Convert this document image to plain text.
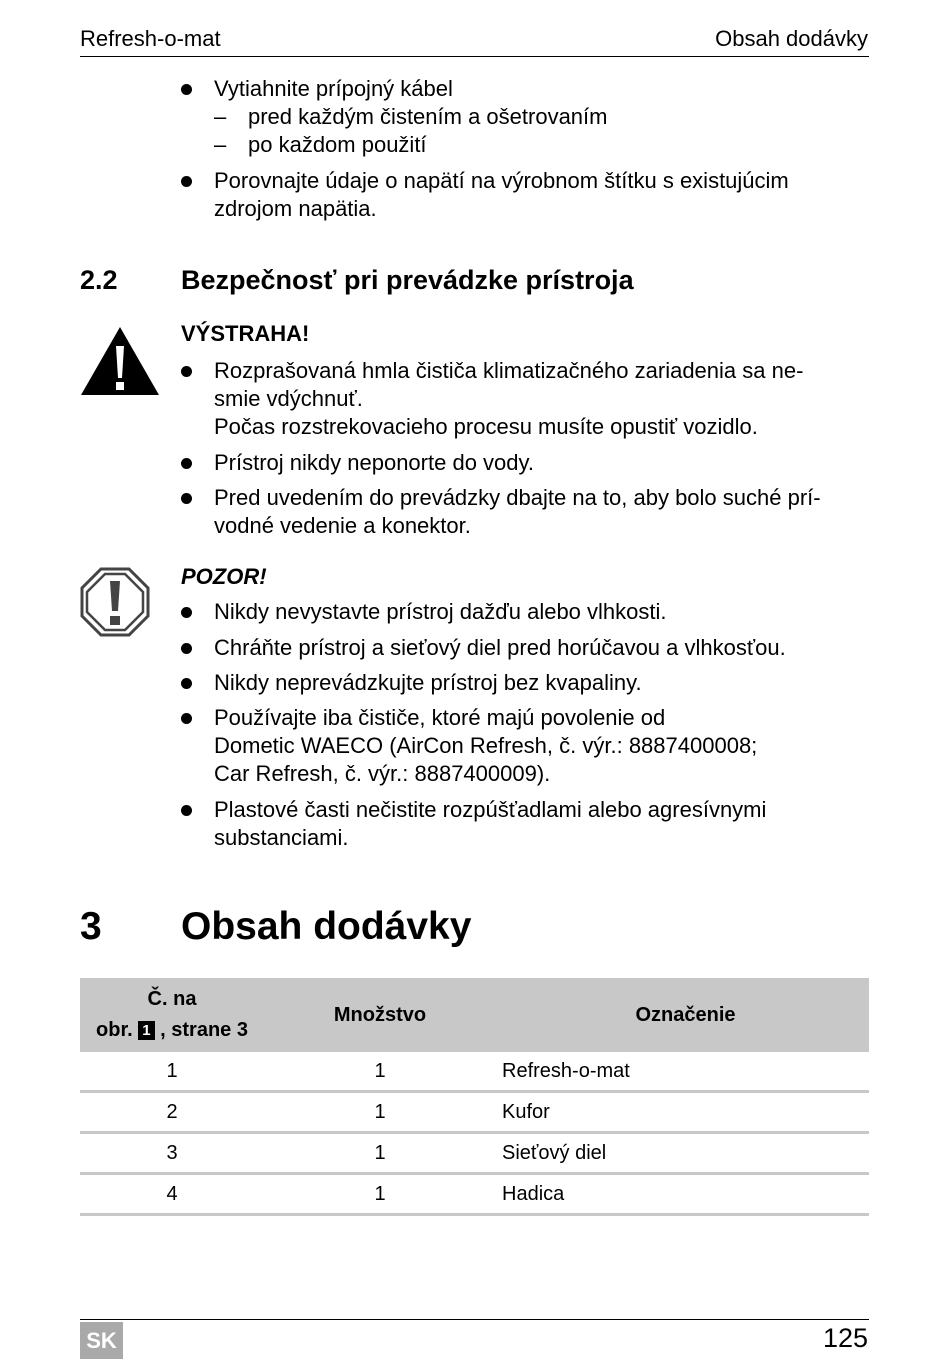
Refresh-o-mat	Obsah dodávky
Vytiahnite prípojný kábel
– pred každým čistením a ošetrovaním
– po každom použití
Porovnajte údaje o napätí na výrobnom štítku s existujúcim
zdrojom napätia.
2.2 Bezpečnosť pri prevádzke prístroja
VÝSTRAHA!
Rozprašovaná hmla čističa klimatizačného zariadenia sa ne-
smie vdýchnuť.
Počas rozstrekovacieho procesu musíte opustiť vozidlo.
Prístroj nikdy neponorte do vody.
Pred uvedením do prevádzky dbajte na to, aby bolo suché prí-
vodné vedenie a konektor.
POZOR!
Nikdy nevystavte prístroj dažďu alebo vlhkosti.
Chráňte prístroj a sieťový diel pred horúčavou a vlhkosťou.
Nikdy neprevádzkujte prístroj bez kvapaliny.
Používajte iba čističe, ktoré majú povolenie od
Dometic WAECO (AirCon Refresh, č. výr.: 8887400008;
Car Refresh, č. výr.: 8887400009).
Plastové časti nečistite rozpúšťadlami alebo agresívnymi
substanciami.
3 Obsah dodávky
Č. na
obr. 1 , strane 3	Množstvo	Označenie
1	1	Refresh-o-mat
2	1	Kufor
3	1	Sieťový diel
4	1	Hadica
SK	125
